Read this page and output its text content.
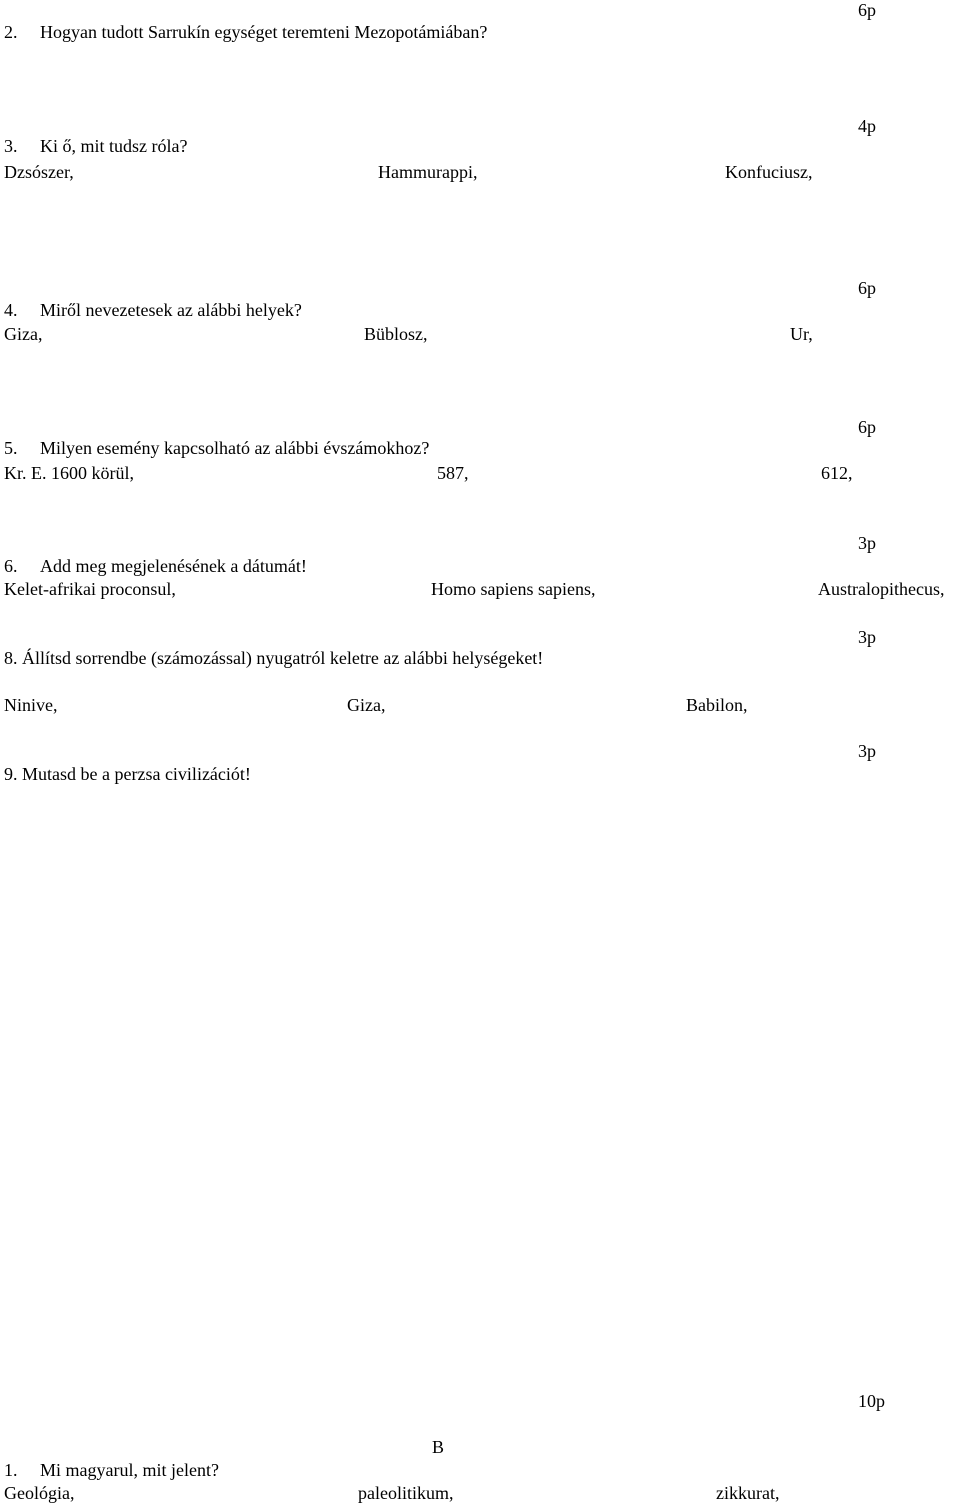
6p
2. Hogyan tudott Sarrukín egységet teremteni Mezopotámiában?
4p
3. Ki ő, mit tudsz róla?
Dzsószer,	Hammurappi,	Konfuciusz,
6p
4. Miről nevezetesek az alábbi helyek?
Giza,	Büblosz,	Ur,
6p
5. Milyen esemény kapcsolható az alábbi évszámokhoz?
Kr. E. 1600 körül,	587,	612,
3p
6. Add meg megjelenésének a dátumát!
Kelet-afrikai proconsul,	Homo sapiens sapiens,	Australopithecus,
3p
8. Állítsd sorrendbe (számozással) nyugatról keletre az alábbi helységeket!
Ninive,	Giza,	Babilon,
3p
9. Mutasd be a perzsa civilizációt!
10p
B
1. Mi magyarul, mit jelent?
Geológia,	paleolitikum,	zikkurat,
